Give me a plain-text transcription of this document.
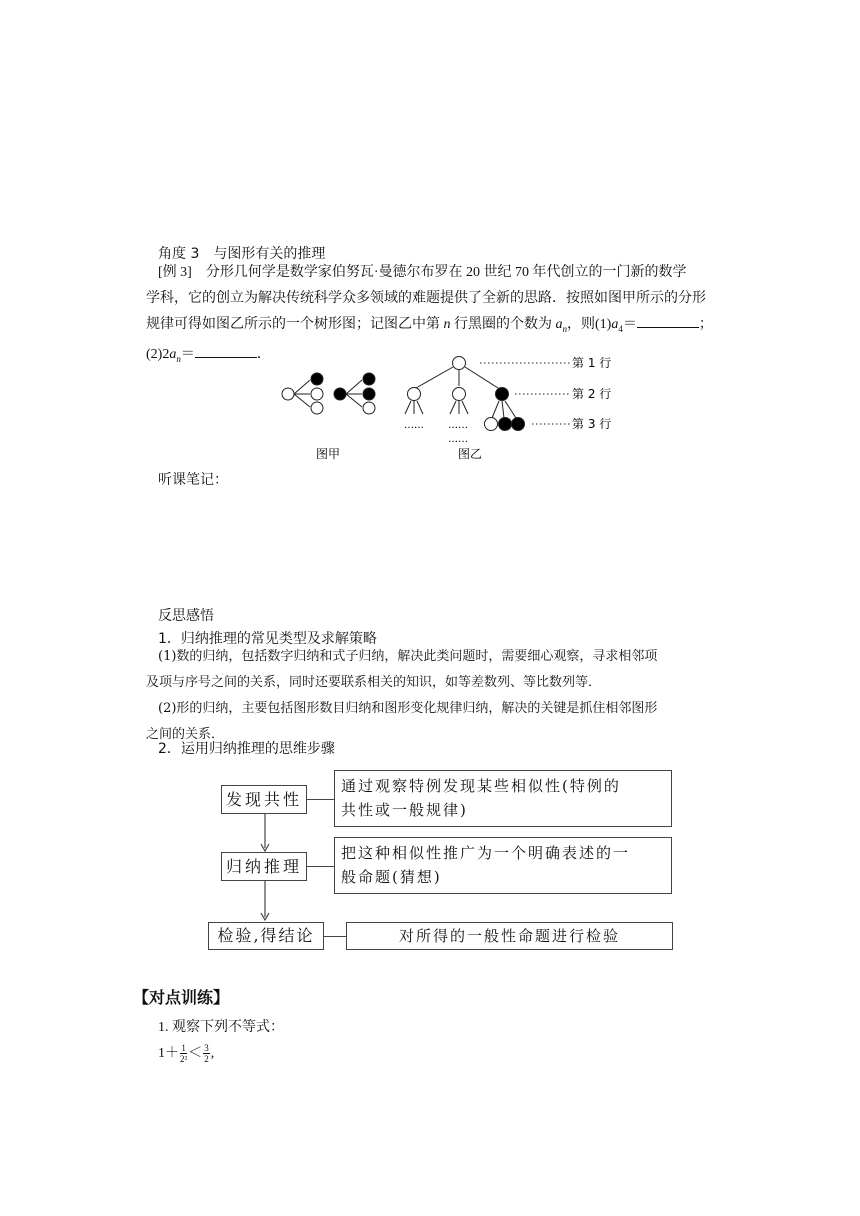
角度 3　与图形有关的推理
[例 3]　分形几何学是数学家伯努瓦·曼德尔布罗在 20 世纪 70 年代创立的一门新的数学
学科，它的创立为解决传统科学众多领域的难题提供了全新的思路．按照如图甲所示的分形
规律可得如图乙所示的一个树形图；记图乙中第 n 行黑圈的个数为 $a_n$，则$(1)a_4=$	；
$(2)2a_n=$	．
第 1 行
第 2 行
第 3 行
…… ……
……
图甲	图乙
听课笔记：
反思感悟
1．归纳推理的常见类型及求解策略
(1)数的归纳，包括数字归纳和式子归纳，解决此类问题时，需要细心观察，寻求相邻项
及项与序号之间的关系，同时还要联系相关的知识，如等差数列、等比数列等．
(2)形的归纳，主要包括图形数目归纳和图形变化规律归纳，解决的关键是抓住相邻图形
之间的关系．
2．运用归纳推理的思维步骤
发现共性
通过观察特例发现某些相似性(特例的
共性或一般规律)
归纳推理
把这种相似性推广为一个明确表述的一
般命题(猜想)
检验,得结论	对所得的一般性命题进行检验
【对点训练】
1. 观察下列不等式：
$1+ \frac{1}{\text{2²}} < \frac{3}{2}$ ,
